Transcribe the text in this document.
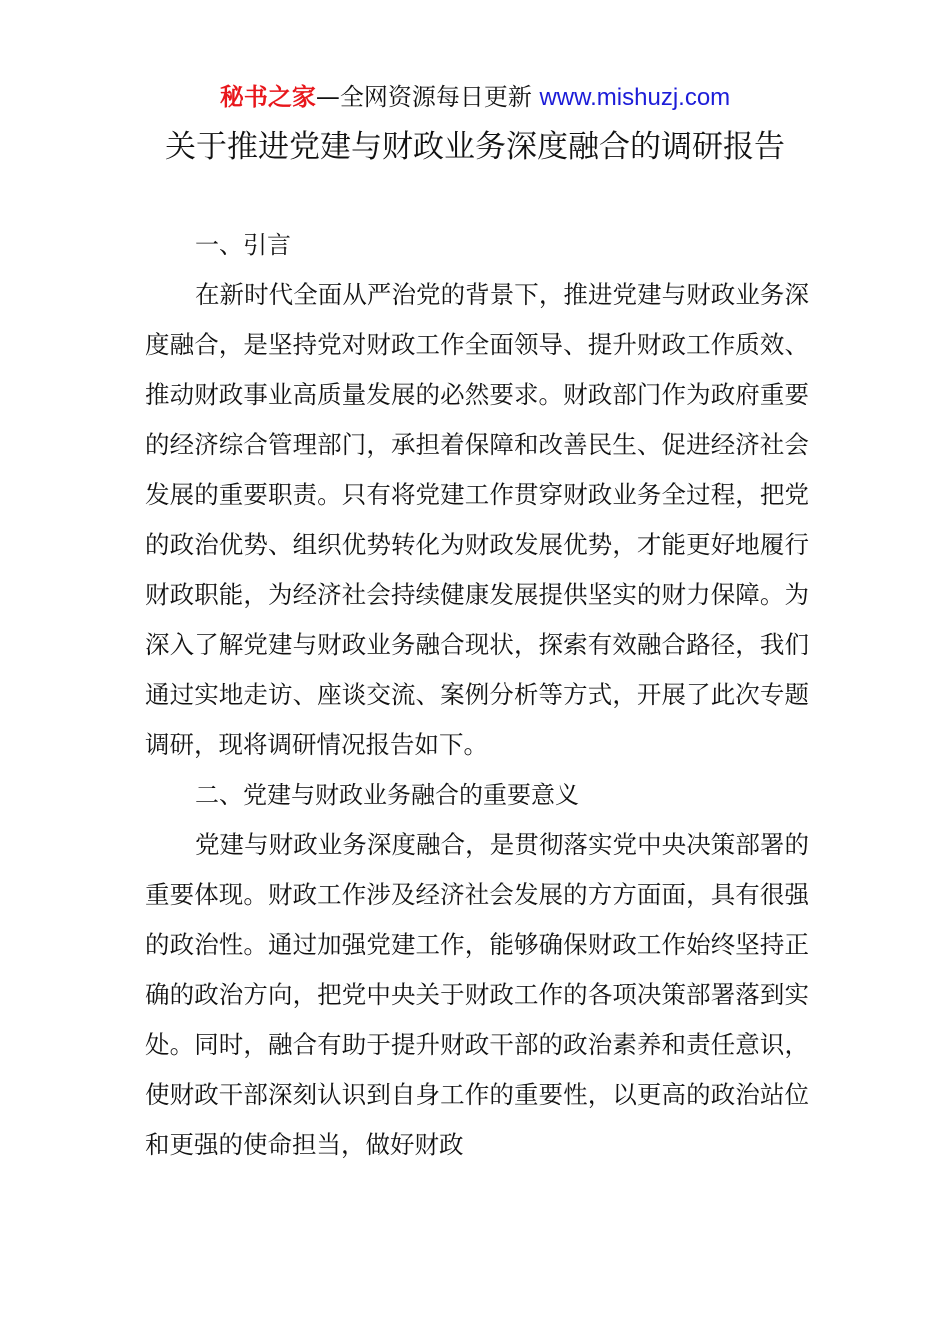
秘书之家—全网资源每日更新 www.mishuzj.com
关于推进党建与财政业务深度融合的调研报告

一、引言

在新时代全面从严治党的背景下，推进党建与财政业务深度融合，是坚持党对财政工作全面领导、提升财政工作质效、推动财政事业高质量发展的必然要求。财政部门作为政府重要的经济综合管理部门，承担着保障和改善民生、促进经济社会发展的重要职责。只有将党建工作贯穿财政业务全过程，把党的政治优势、组织优势转化为财政发展优势，才能更好地履行财政职能，为经济社会持续健康发展提供坚实的财力保障。为深入了解党建与财政业务融合现状，探索有效融合路径，我们通过实地走访、座谈交流、案例分析等方式，开展了此次专题调研，现将调研情况报告如下。

二、党建与财政业务融合的重要意义

党建与财政业务深度融合，是贯彻落实党中央决策部署的重要体现。财政工作涉及经济社会发展的方方面面，具有很强的政治性。通过加强党建工作，能够确保财政工作始终坚持正确的政治方向，把党中央关于财政工作的各项决策部署落到实处。同时，融合有助于提升财政干部的政治素养和责任意识，使财政干部深刻认识到自身工作的重要性，以更高的政治站位和更强的使命担当，做好财政
